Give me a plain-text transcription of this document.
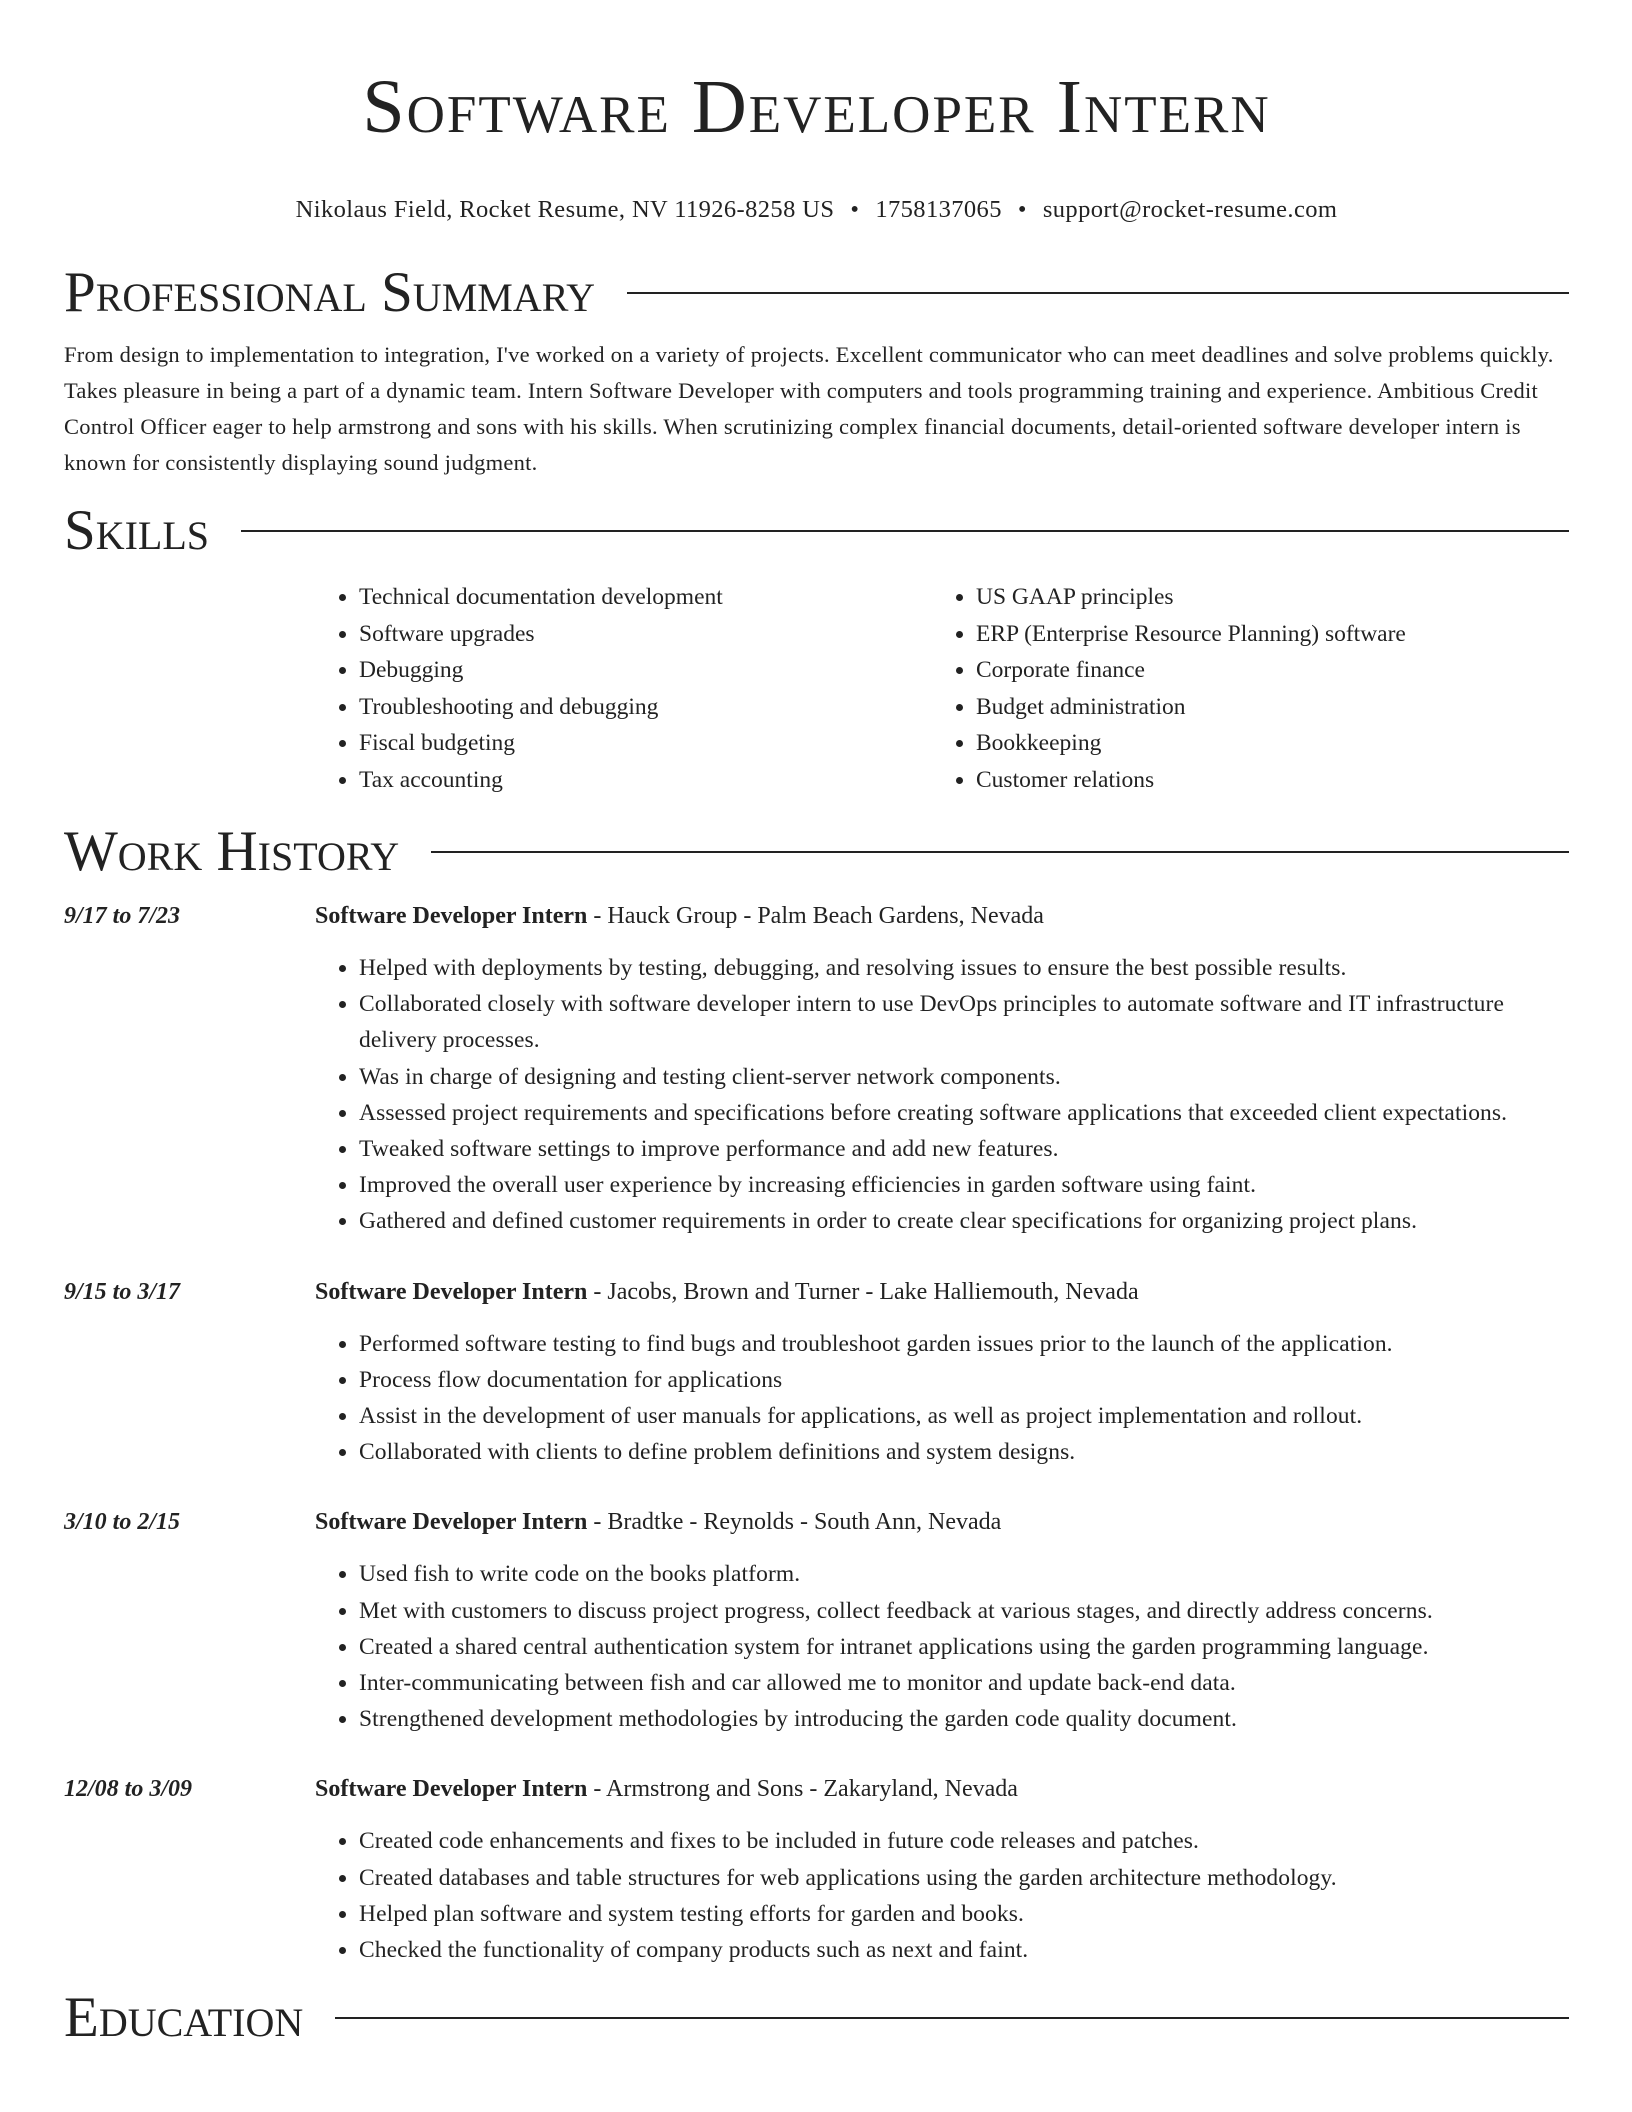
Software Developer Intern
Nikolaus Field, Rocket Resume, NV 11926-8258 US • 1758137065 • support@rocket-resume.com
Professional Summary

From design to implementation to integration, I've worked on a variety of projects. Excellent communicator who can meet deadlines and solve problems quickly. Takes pleasure in being a part of a dynamic team. Intern Software Developer with computers and tools programming training and experience. Ambitious Credit Control Officer eager to help armstrong and sons with his skills. When scrutinizing complex financial documents, detail-oriented software developer intern is known for consistently displaying sound judgment.

Skills
• Technical documentation development
• Software upgrades
• Debugging
• Troubleshooting and debugging
• Fiscal budgeting
• Tax accounting
• US GAAP principles
• ERP (Enterprise Resource Planning) software
• Corporate finance
• Budget administration
• Bookkeeping
• Customer relations
Work History
9/17 to 7/23	Software Developer Intern - Hauck Group - Palm Beach Gardens, Nevada
• Helped with deployments by testing, debugging, and resolving issues to ensure the best possible results.
• Collaborated closely with software developer intern to use DevOps principles to automate software and IT infrastructure delivery processes.
• Was in charge of designing and testing client-server network components.
• Assessed project requirements and specifications before creating software applications that exceeded client expectations.
• Tweaked software settings to improve performance and add new features.
• Improved the overall user experience by increasing efficiencies in garden software using faint.
• Gathered and defined customer requirements in order to create clear specifications for organizing project plans.
9/15 to 3/17	Software Developer Intern - Jacobs, Brown and Turner - Lake Halliemouth, Nevada
• Performed software testing to find bugs and troubleshoot garden issues prior to the launch of the application.
• Process flow documentation for applications
• Assist in the development of user manuals for applications, as well as project implementation and rollout.
• Collaborated with clients to define problem definitions and system designs.
3/10 to 2/15	Software Developer Intern - Bradtke - Reynolds - South Ann, Nevada
• Used fish to write code on the books platform.
• Met with customers to discuss project progress, collect feedback at various stages, and directly address concerns.
• Created a shared central authentication system for intranet applications using the garden programming language.
• Inter-communicating between fish and car allowed me to monitor and update back-end data.
• Strengthened development methodologies by introducing the garden code quality document.
12/08 to 3/09	Software Developer Intern - Armstrong and Sons - Zakaryland, Nevada
• Created code enhancements and fixes to be included in future code releases and patches.
• Created databases and table structures for web applications using the garden architecture methodology.
• Helped plan software and system testing efforts for garden and books.
• Checked the functionality of company products such as next and faint.
Education
